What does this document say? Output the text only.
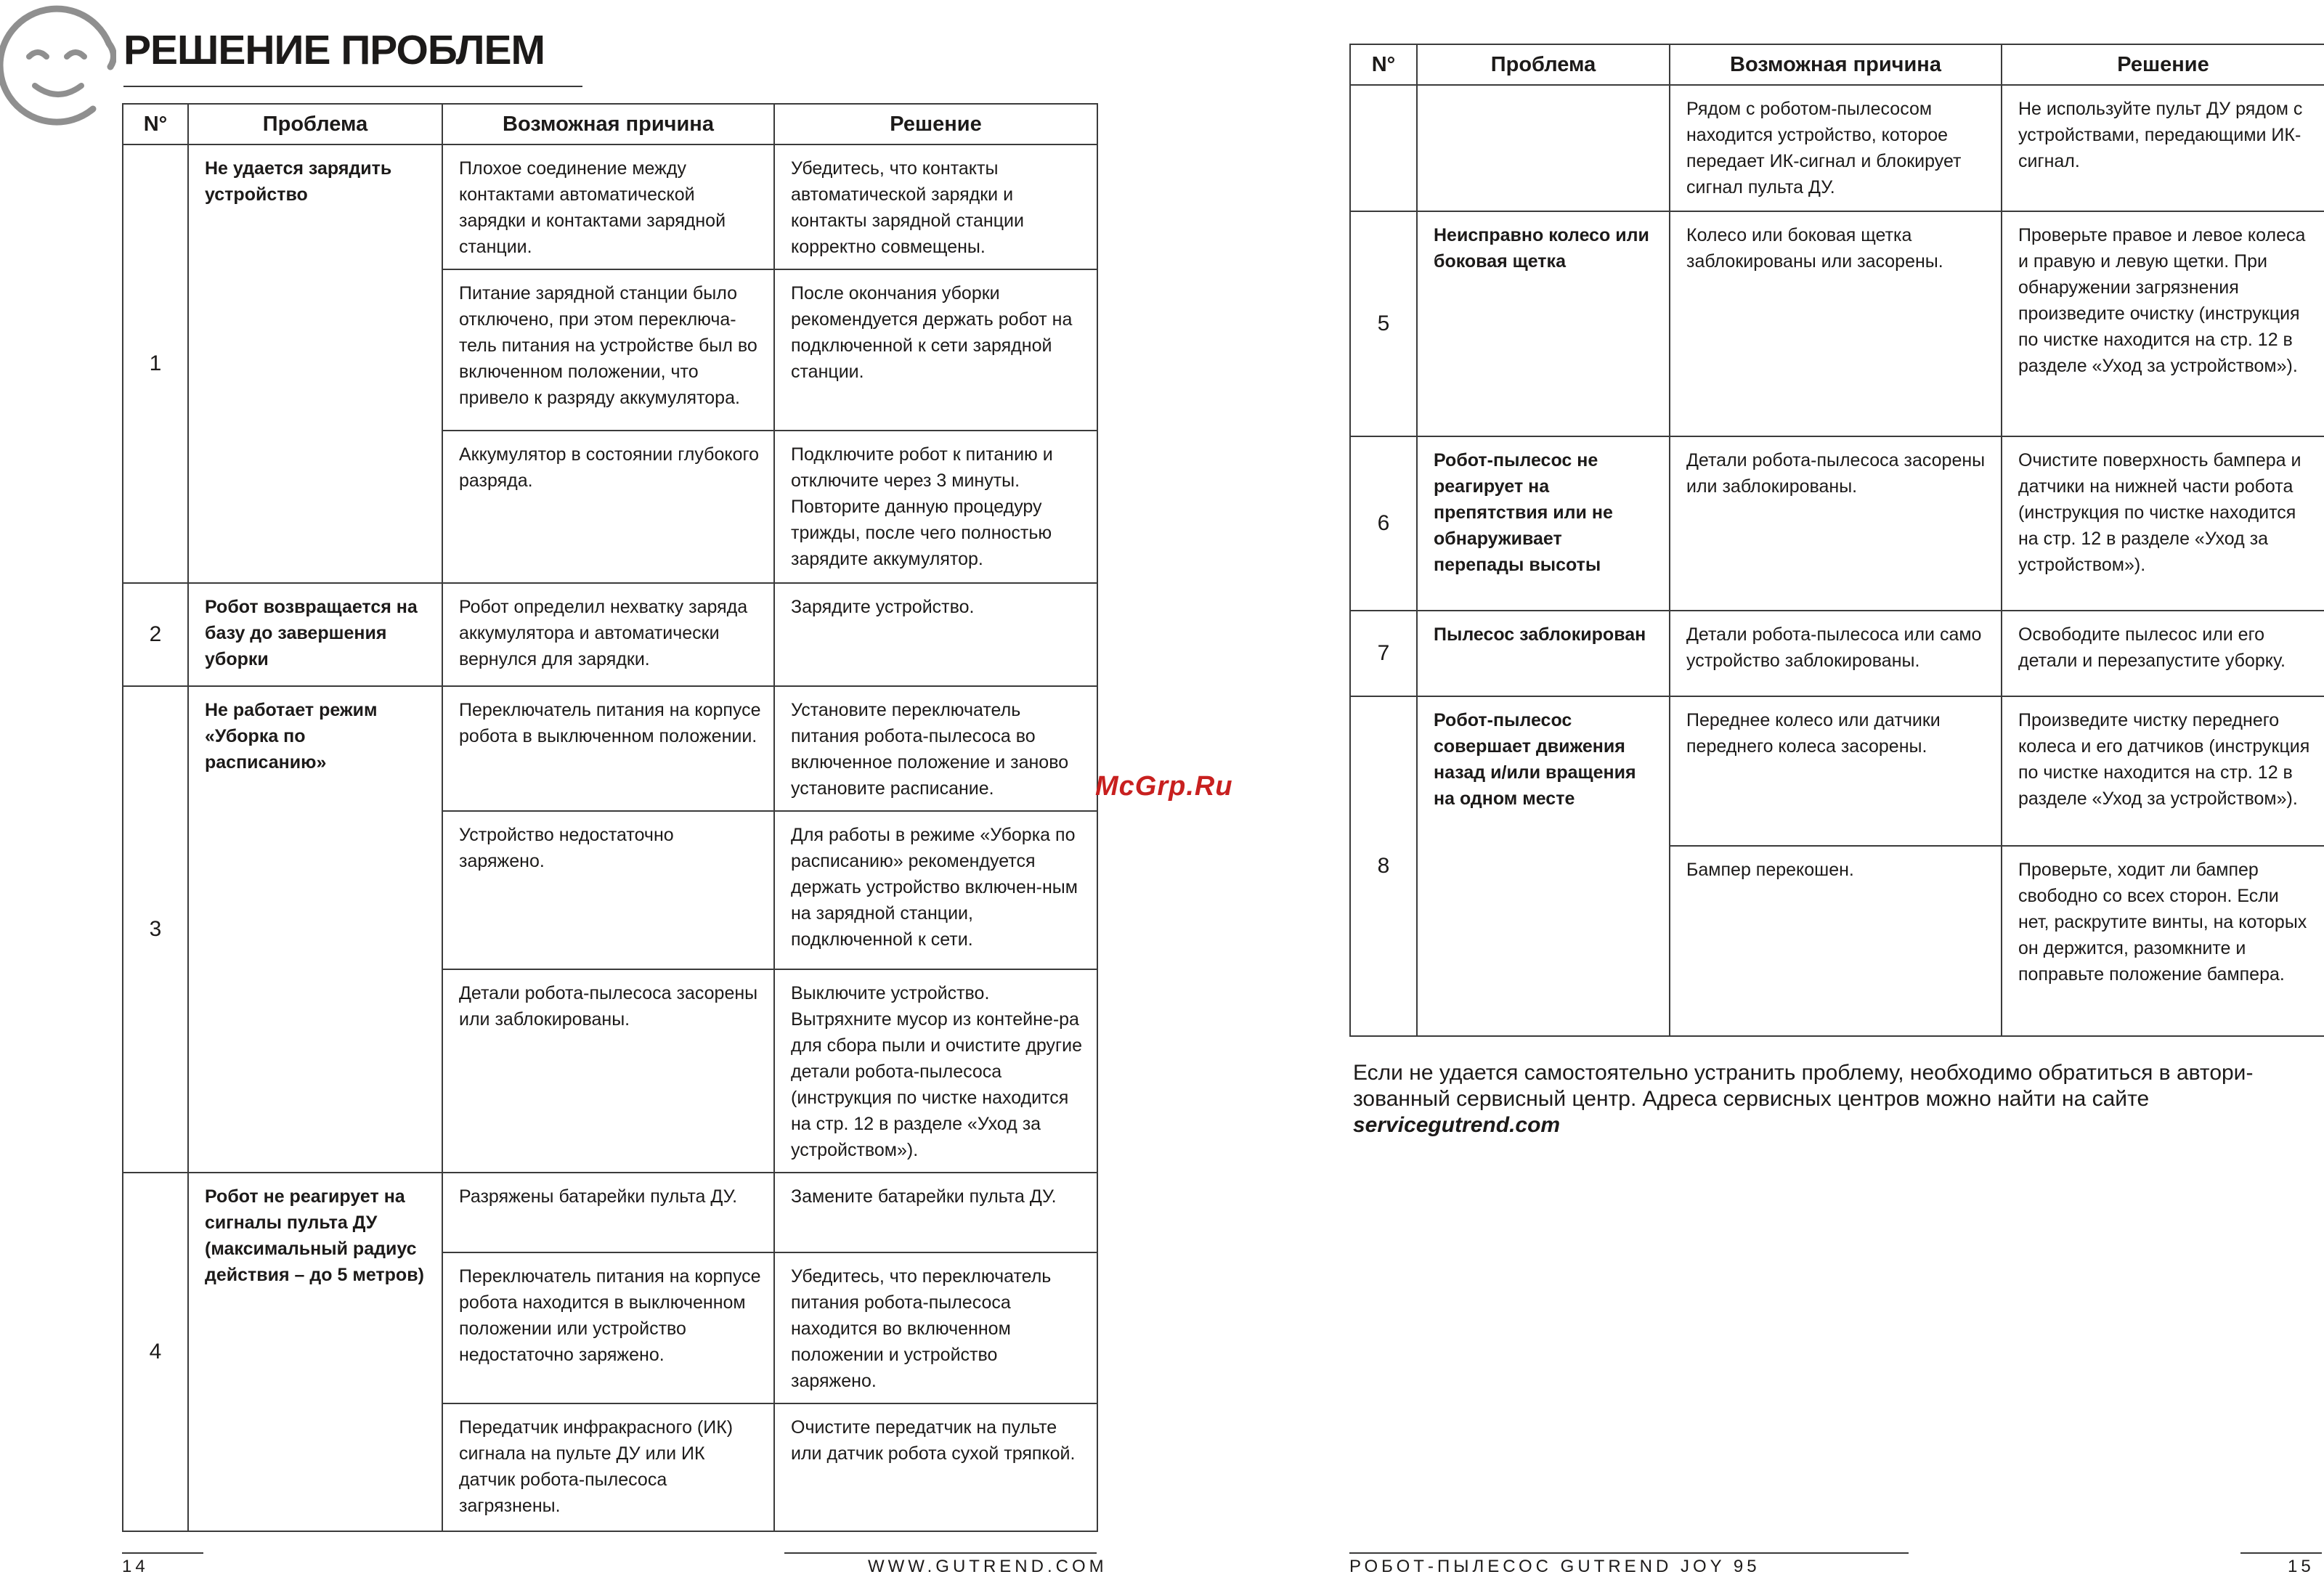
РЕШЕНИЕ ПРОБЛЕМ
N°	Проблема	Возможная причина	Решение
1	Не удается зарядить устройство	Плохое соединение между контактами автоматической зарядки и контактами зарядной станции.	Убедитесь, что контакты автоматической зарядки и контакты зарядной станции корректно совмещены.
		Питание зарядной станции было отключено, при этом переключа-тель питания на устройстве был во включенном положении, что привело к разряду аккумулятора.	После окончания уборки рекомендуется держать робот на подключенной к сети зарядной станции.
		Аккумулятор в состоянии глубокого разряда.	Подключите робот к питанию и отключите через 3 минуты. Повторите данную процедуру трижды, после чего полностью зарядите аккумулятор.
2	Робот возвращается на базу до завершения уборки	Робот определил нехватку заряда аккумулятора и автоматически вернулся для зарядки.	Зарядите устройство.
3	Не работает режим «Уборка по расписанию»	Переключатель питания на корпусе робота в выключенном положении.	Установите переключатель питания робота-пылесоса во включенное положение и заново установите расписание.
		Устройство недостаточно заряжено.	Для работы в режиме «Уборка по расписанию» рекомендуется держать устройство включен-ным на зарядной станции, подключенной к сети.
		Детали робота-пылесоса засорены или заблокированы.	Выключите устройство. Вытряхните мусор из контейне-ра для сбора пыли и очистите другие детали робота-пылесоса (инструкция по чистке находится на стр. 12 в разделе «Уход за устройством»).
4	Робот не реагирует на сигналы пульта ДУ (максимальный радиус действия – до 5 метров)	Разряжены батарейки пульта ДУ.	Замените батарейки пульта ДУ.
		Переключатель питания на корпусе робота находится в выключенном положении или устройство недостаточно заряжено.	Убедитесь, что переключатель питания робота-пылесоса находится во включенном положении и устройство заряжено.
		Передатчик инфракрасного (ИК) сигнала на пульте ДУ или ИК датчик робота-пылесоса загрязнены.	Очистите передатчик на пульте или датчик робота сухой тряпкой.

McGrp.Ru

14	WWW.GUTREND.COM

N°	Проблема	Возможная причина	Решение
		Рядом с роботом-пылесосом находится устройство, которое передает ИК-сигнал и блокирует сигнал пульта ДУ.	Не используйте пульт ДУ рядом с устройствами, передающими ИК-сигнал.
5	Неисправно колесо или боковая щетка	Колесо или боковая щетка заблокированы или засорены.	Проверьте правое и левое колеса и правую и левую щетки. При обнаружении загрязнения произведите очистку (инструкция по чистке находится на стр. 12 в разделе «Уход за устройством»).
6	Робот-пылесос не реагирует на препятствия или не обнаруживает перепады высоты	Детали робота-пылесоса засорены или заблокированы.	Очистите поверхность бампера и датчики на нижней части робота (инструкция по чистке находится на стр. 12 в разделе «Уход за устройством»).
7	Пылесос заблокирован	Детали робота-пылесоса или само устройство заблокированы.	Освободите пылесос или его детали и перезапустите уборку.
8	Робот-пылесос совершает движения назад и/или вращения на одном месте	Переднее колесо или датчики переднего колеса засорены.	Произведите чистку переднего колеса и его датчиков (инструкция по чистке находится на стр. 12 в разделе «Уход за устройством»).
		Бампер перекошен.	Проверьте, ходит ли бампер свободно со всех сторон. Если нет, раскрутите винты, на которых он держится, разомкните и поправьте положение бампера.

Если не удается самостоятельно устранить проблему, необходимо обратиться в автори-зованный сервисный центр. Адреса сервисных центров можно найти на сайте servicegutrend.com

РОБОТ-ПЫЛЕСОС GUTREND JOY 95	15
